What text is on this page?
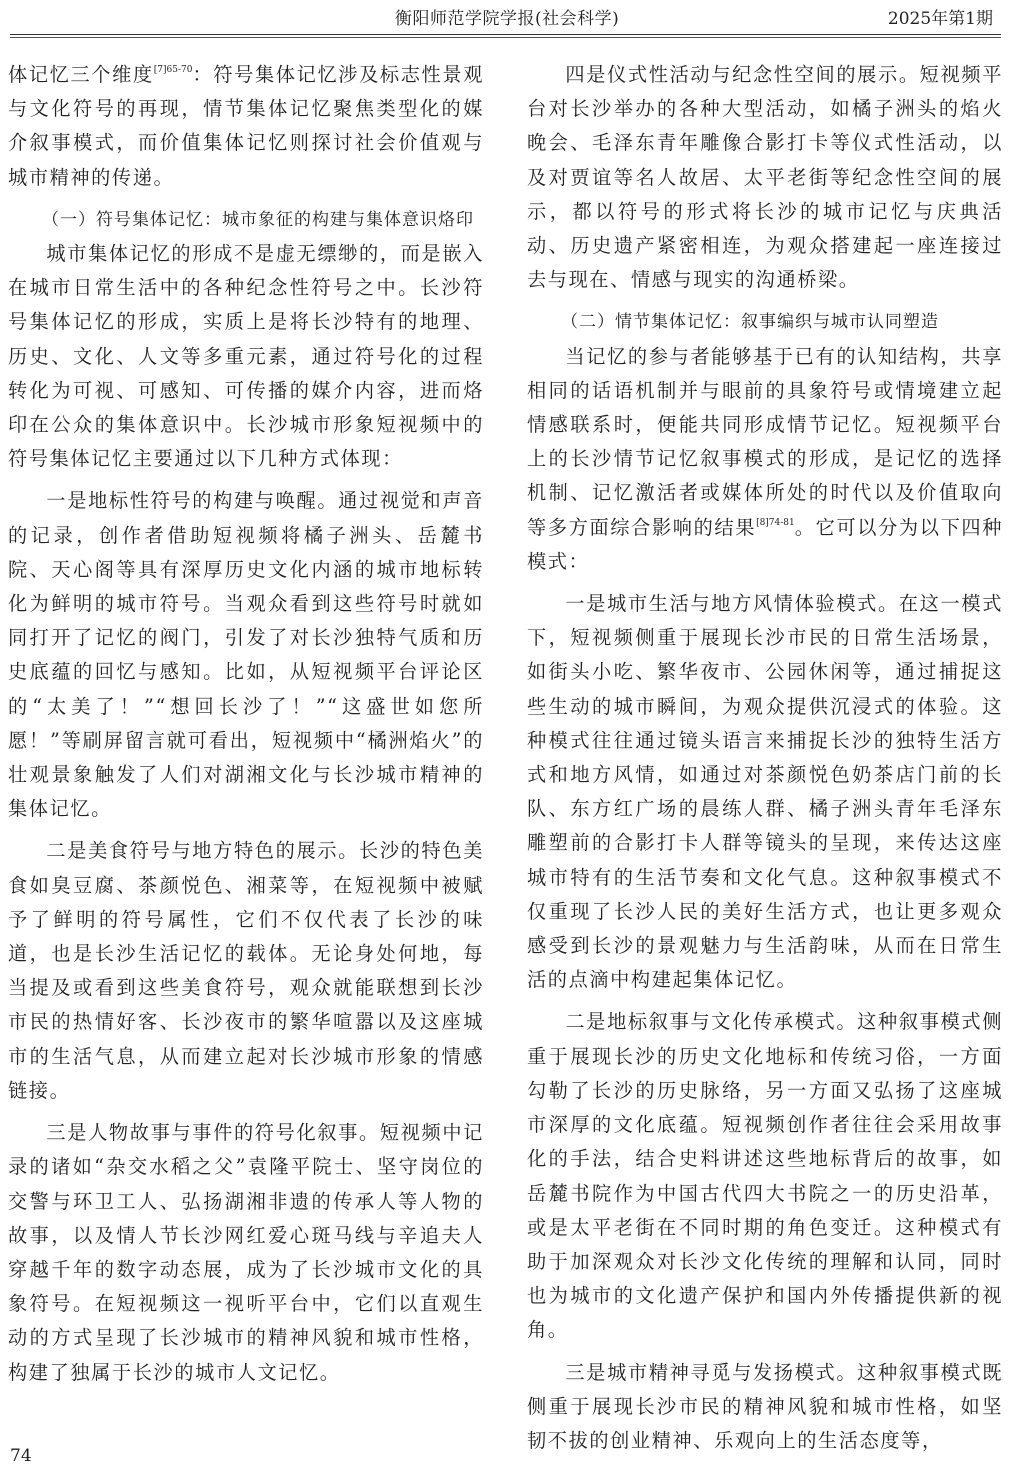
衡阳师范学院学报(社会科学)	2025年第1期

体记忆三个维度$^{[7]65-70}$：符号集体记忆涉及标志性景观与文化符号的再现，情节集体记忆聚焦类型化的媒介叙事模式，而价值集体记忆则探讨社会价值观与城市精神的传递。

（一）符号集体记忆：城市象征的构建与集体意识烙印

城市集体记忆的形成不是虚无缥缈的，而是嵌入在城市日常生活中的各种纪念性符号之中。长沙符号集体记忆的形成，实质上是将长沙特有的地理、历史、文化、人文等多重元素，通过符号化的过程转化为可视、可感知、可传播的媒介内容，进而烙印在公众的集体意识中。长沙城市形象短视频中的符号集体记忆主要通过以下几种方式体现：

一是地标性符号的构建与唤醒。通过视觉和声音的记录，创作者借助短视频将橘子洲头、岳麓书院、天心阁等具有深厚历史文化内涵的城市地标转化为鲜明的城市符号。当观众看到这些符号时就如同打开了记忆的阀门，引发了对长沙独特气质和历史底蕴的回忆与感知。比如，从短视频平台评论区的“太美了！”“想回长沙了！”“这盛世如您所愿！”等刷屏留言就可看出，短视频中“橘洲焰火”的壮观景象触发了人们对湖湘文化与长沙城市精神的集体记忆。

二是美食符号与地方特色的展示。长沙的特色美食如臭豆腐、茶颜悦色、湘菜等，在短视频中被赋予了鲜明的符号属性，它们不仅代表了长沙的味道，也是长沙生活记忆的载体。无论身处何地，每当提及或看到这些美食符号，观众就能联想到长沙市民的热情好客、长沙夜市的繁华喧嚣以及这座城市的生活气息，从而建立起对长沙城市形象的情感链接。

三是人物故事与事件的符号化叙事。短视频中记录的诸如“杂交水稻之父”袁隆平院士、坚守岗位的交警与环卫工人、弘扬湖湘非遗的传承人等人物的故事，以及情人节长沙网红爱心斑马线与辛追夫人穿越千年的数字动态展，成为了长沙城市文化的具象符号。在短视频这一视听平台中，它们以直观生动的方式呈现了长沙城市的精神风貌和城市性格，构建了独属于长沙的城市人文记忆。

四是仪式性活动与纪念性空间的展示。短视频平台对长沙举办的各种大型活动，如橘子洲头的焰火晚会、毛泽东青年雕像合影打卡等仪式性活动，以及对贾谊等名人故居、太平老街等纪念性空间的展示，都以符号的形式将长沙的城市记忆与庆典活动、历史遗产紧密相连，为观众搭建起一座连接过去与现在、情感与现实的沟通桥梁。

（二）情节集体记忆：叙事编织与城市认同塑造

当记忆的参与者能够基于已有的认知结构，共享相同的话语机制并与眼前的具象符号或情境建立起情感联系时，便能共同形成情节记忆。短视频平台上的长沙情节记忆叙事模式的形成，是记忆的选择机制、记忆激活者或媒体所处的时代以及价值取向等多方面综合影响的结果$^{[8]74-81}$。它可以分为以下四种模式：

一是城市生活与地方风情体验模式。在这一模式下，短视频侧重于展现长沙市民的日常生活场景，如街头小吃、繁华夜市、公园休闲等，通过捕捉这些生动的城市瞬间，为观众提供沉浸式的体验。这种模式往往通过镜头语言来捕捉长沙的独特生活方式和地方风情，如通过对茶颜悦色奶茶店门前的长队、东方红广场的晨练人群、橘子洲头青年毛泽东雕塑前的合影打卡人群等镜头的呈现，来传达这座城市特有的生活节奏和文化气息。这种叙事模式不仅重现了长沙人民的美好生活方式，也让更多观众感受到长沙的景观魅力与生活韵味，从而在日常生活的点滴中构建起集体记忆。

二是地标叙事与文化传承模式。这种叙事模式侧重于展现长沙的历史文化地标和传统习俗，一方面勾勒了长沙的历史脉络，另一方面又弘扬了这座城市深厚的文化底蕴。短视频创作者往往会采用故事化的手法，结合史料讲述这些地标背后的故事，如岳麓书院作为中国古代四大书院之一的历史沿革，或是太平老街在不同时期的角色变迁。这种模式有助于加深观众对长沙文化传统的理解和认同，同时也为城市的文化遗产保护和国内外传播提供新的视角。

三是城市精神寻觅与发扬模式。这种叙事模式既侧重于展现长沙市民的精神风貌和城市性格，如坚韧不拔的创业精神、乐观向上的生活态度等，

74
